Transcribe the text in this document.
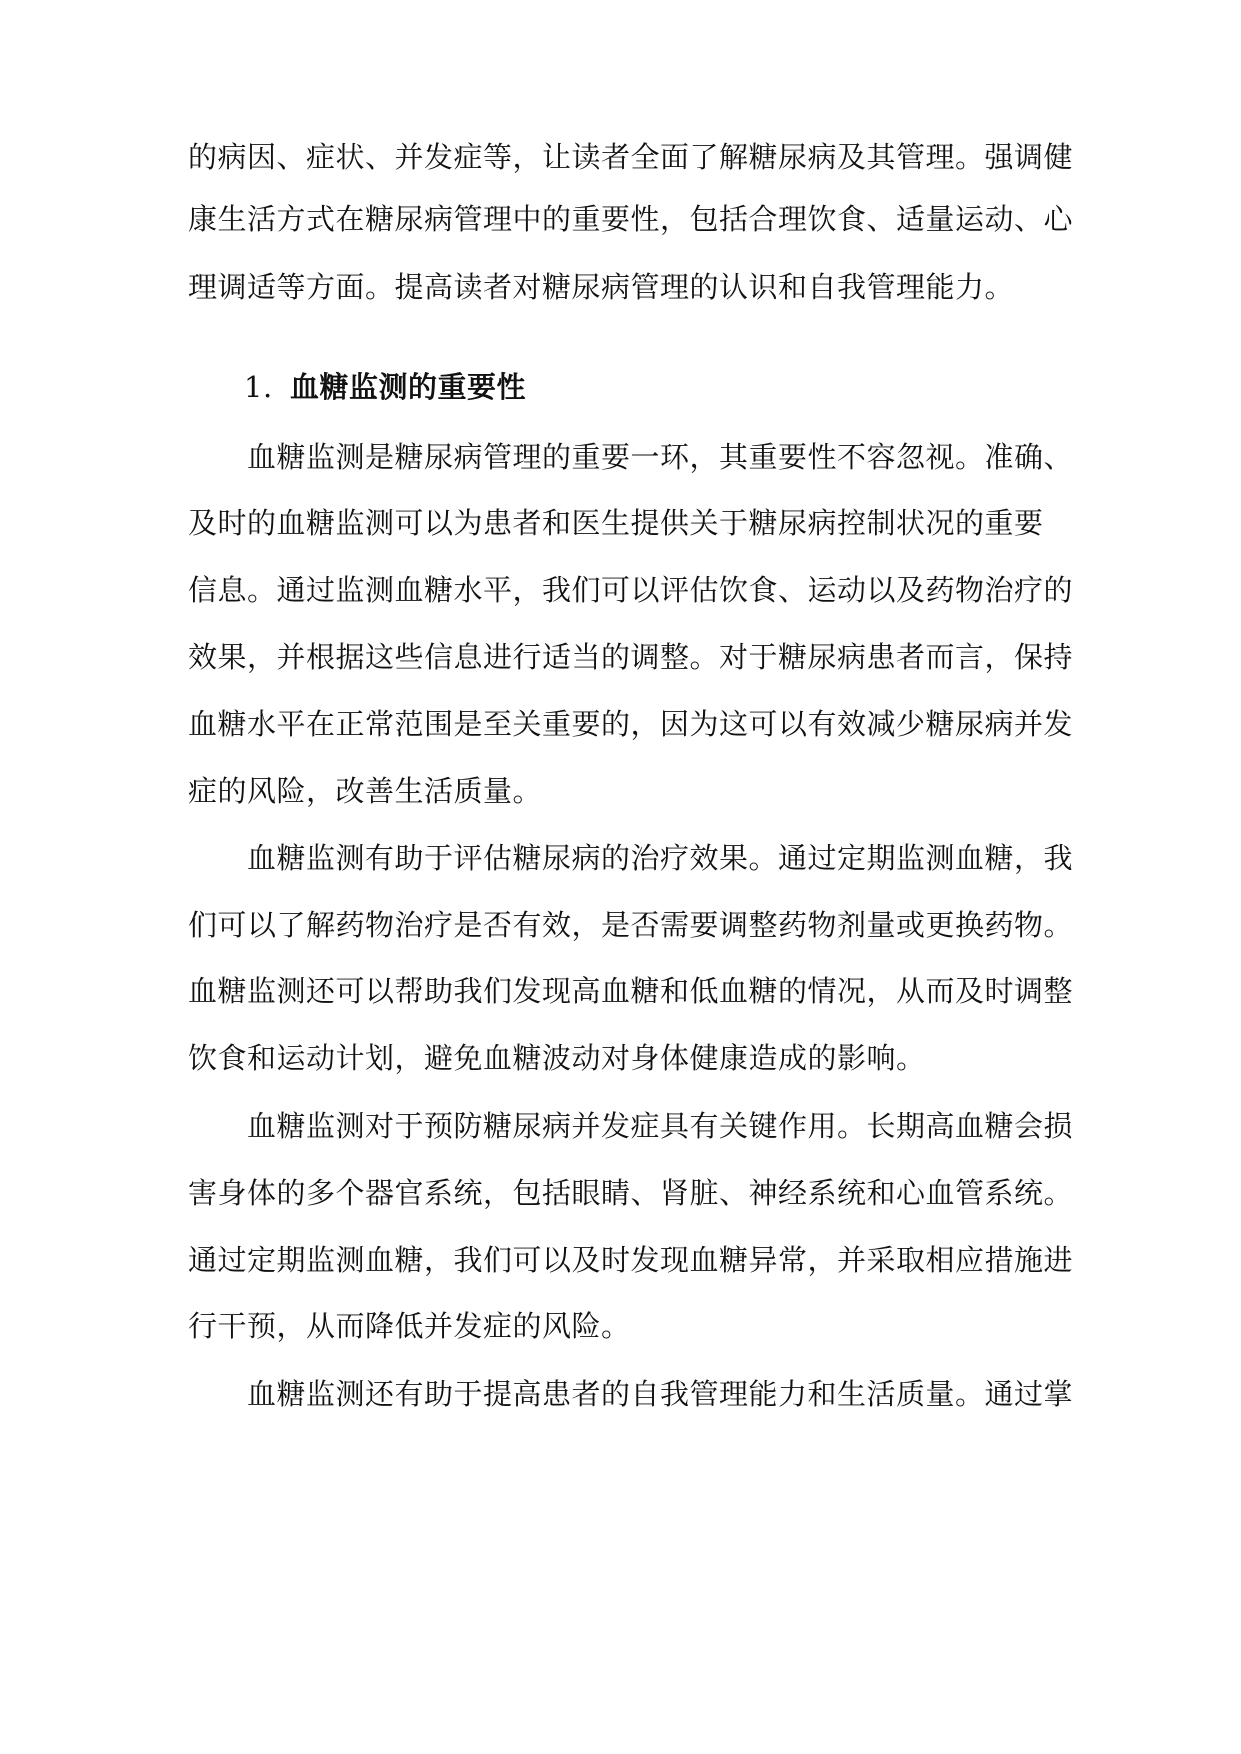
的病因、症状、并发症等，让读者全面了解糖尿病及其管理。强调健
康生活方式在糖尿病管理中的重要性，包括合理饮食、适量运动、心
理调适等方面。提高读者对糖尿病管理的认识和自我管理能力。
1. 血糖监测的重要性
血糖监测是糖尿病管理的重要一环，其重要性不容忽视。准确、
及时的血糖监测可以为患者和医生提供关于糖尿病控制状况的重要
信息。通过监测血糖水平，我们可以评估饮食、运动以及药物治疗的
效果，并根据这些信息进行适当的调整。对于糖尿病患者而言，保持
血糖水平在正常范围是至关重要的，因为这可以有效减少糖尿病并发
症的风险，改善生活质量。
血糖监测有助于评估糖尿病的治疗效果。通过定期监测血糖，我
们可以了解药物治疗是否有效，是否需要调整药物剂量或更换药物。
血糖监测还可以帮助我们发现高血糖和低血糖的情况，从而及时调整
饮食和运动计划，避免血糖波动对身体健康造成的影响。
血糖监测对于预防糖尿病并发症具有关键作用。长期高血糖会损
害身体的多个器官系统，包括眼睛、肾脏、神经系统和心血管系统。
通过定期监测血糖，我们可以及时发现血糖异常，并采取相应措施进
行干预，从而降低并发症的风险。
血糖监测还有助于提高患者的自我管理能力和生活质量。通过掌
